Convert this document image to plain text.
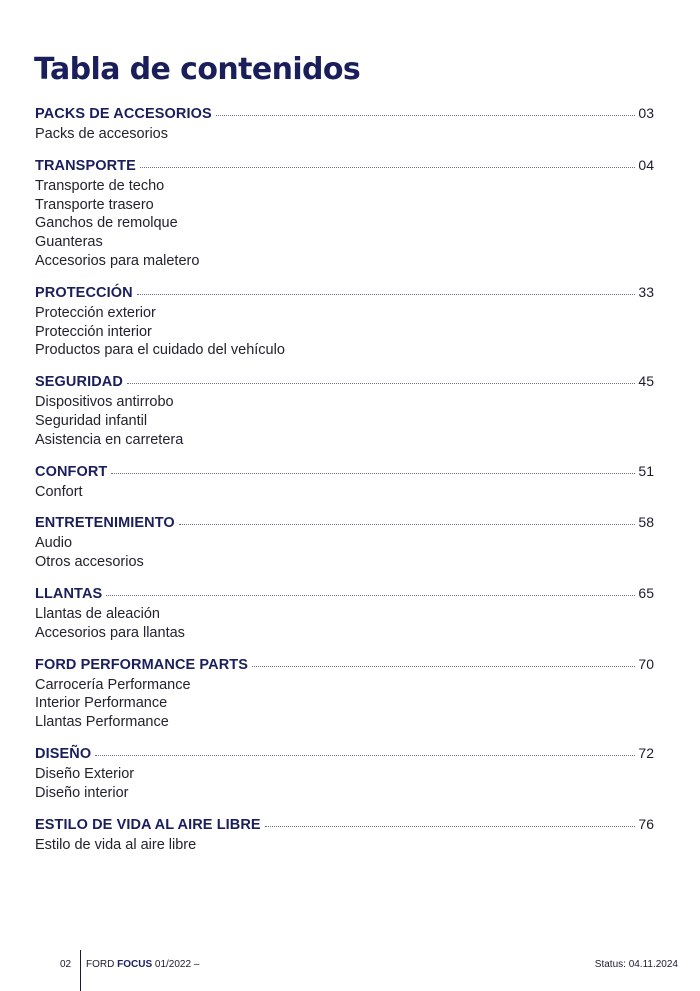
Tabla de contenidos
PACKS DE ACCESORIOS	03
Packs de accesorios
TRANSPORTE	04
Transporte de techo
Transporte trasero
Ganchos de remolque
Guanteras
Accesorios para maletero
PROTECCIÓN	33
Protección exterior
Protección interior
Productos para el cuidado del vehículo
SEGURIDAD	45
Dispositivos antirrobo
Seguridad infantil
Asistencia en carretera
CONFORT	51
Confort
ENTRETENIMIENTO	58
Audio
Otros accesorios
LLANTAS	65
Llantas de aleación
Accesorios para llantas
FORD PERFORMANCE PARTS	70
Carrocería Performance
Interior Performance
Llantas Performance
DISEÑO	72
Diseño Exterior
Diseño interior
ESTILO DE VIDA AL AIRE LIBRE	76
Estilo de vida al aire libre
02 FORD FOCUS 01/2022 –	Status: 04.11.2024
